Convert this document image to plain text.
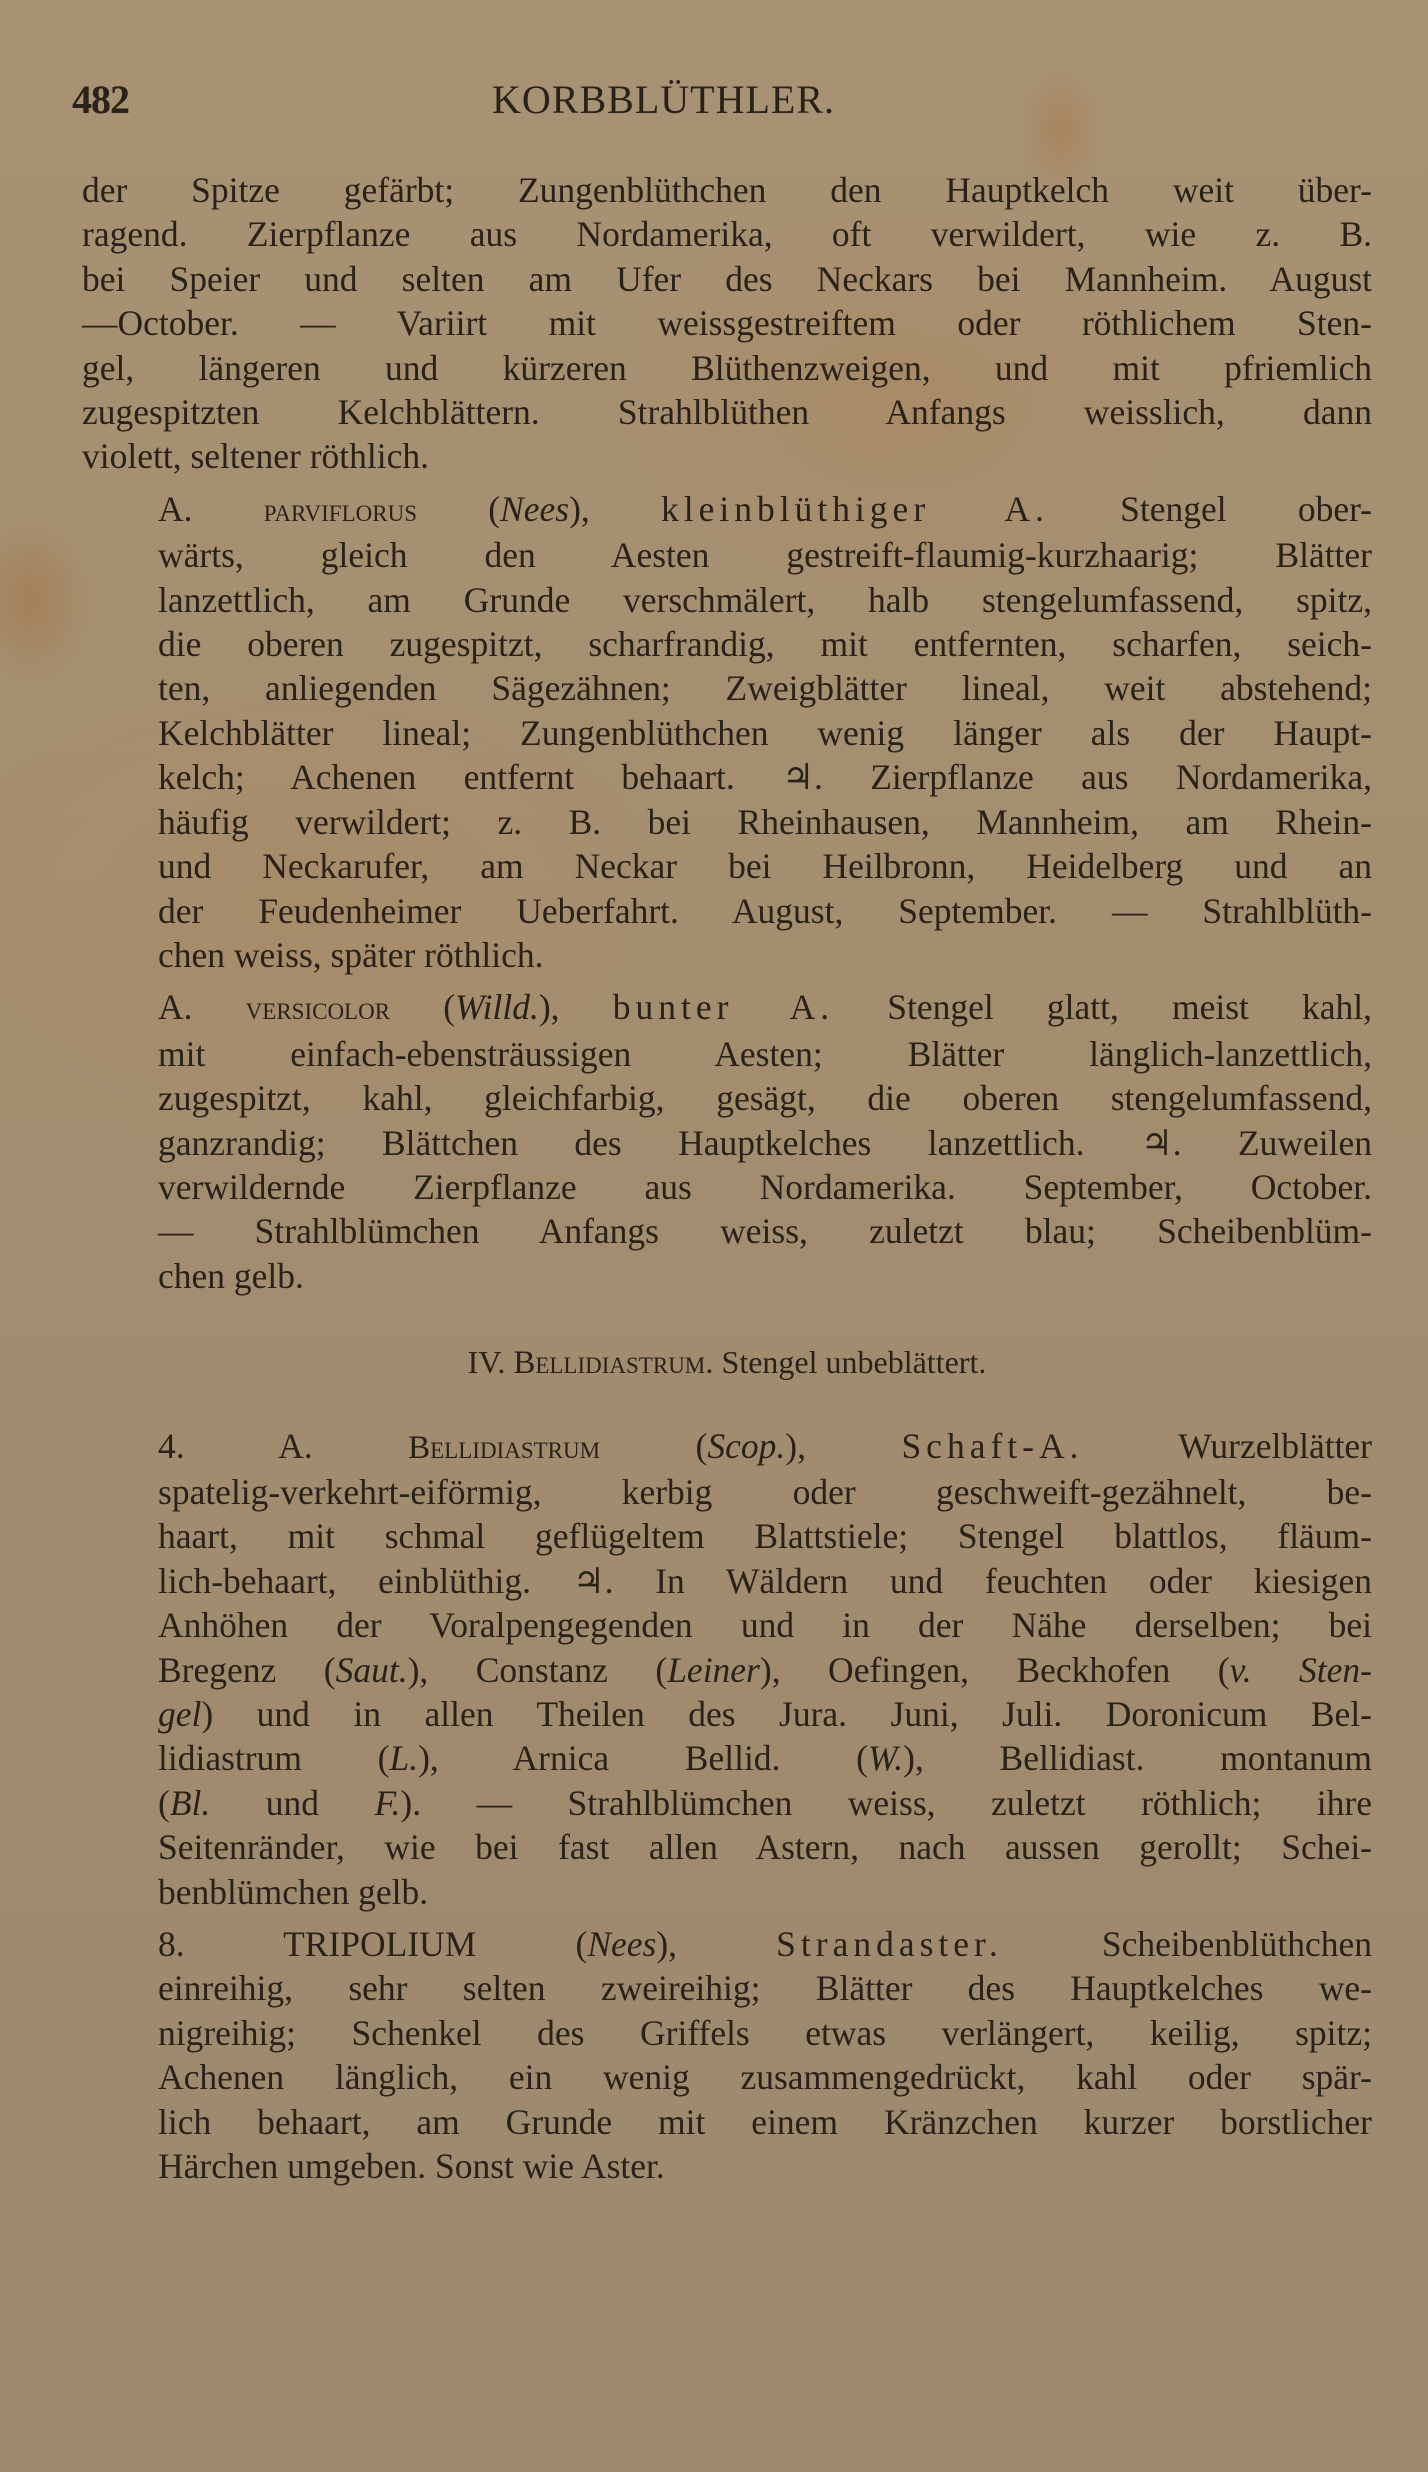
482	KORBBLÜTHLER.
der Spitze gefärbt; Zungenblüthchen den Hauptkelch weit über-
ragend. Zierpflanze aus Nordamerika, oft verwildert, wie z. B.
bei Speier und selten am Ufer des Neckars bei Mannheim. August
—October. — Variirt mit weissgestreiftem oder röthlichem Sten-
gel, längeren und kürzeren Blüthenzweigen, und mit pfriemlich
zugespitzten Kelchblättern. Strahlblüthen Anfangs weisslich, dann
violett, seltener röthlich.
A. parviflorus (Nees), kleinblüthiger A. Stengel ober-
wärts, gleich den Aesten gestreift-flaumig-kurzhaarig; Blätter
lanzettlich, am Grunde verschmälert, halb stengelumfassend, spitz,
die oberen zugespitzt, scharfrandig, mit entfernten, scharfen, seich-
ten, anliegenden Sägezähnen; Zweigblätter lineal, weit abstehend;
Kelchblätter lineal; Zungenblüthchen wenig länger als der Haupt-
kelch; Achenen entfernt behaart. ♃. Zierpflanze aus Nordamerika,
häufig verwildert; z. B. bei Rheinhausen, Mannheim, am Rhein-
und Neckarufer, am Neckar bei Heilbronn, Heidelberg und an
der Feudenheimer Ueberfahrt. August, September. — Strahlblüth-
chen weiss, später röthlich.
A. versicolor (Willd.), bunter A. Stengel glatt, meist kahl,
mit einfach-ebensträussigen Aesten; Blätter länglich-lanzettlich,
zugespitzt, kahl, gleichfarbig, gesägt, die oberen stengelumfassend,
ganzrandig; Blättchen des Hauptkelches lanzettlich. ♃. Zuweilen
verwildernde Zierpflanze aus Nordamerika. September, October.
— Strahlblümchen Anfangs weiss, zuletzt blau; Scheibenblüm-
chen gelb.
IV. Bellidiastrum. Stengel unbeblättert.
4.	A.	Bellidiastrum (Scop.), Schaft-A.	Wurzelblätter
spatelig-verkehrt-eiförmig, kerbig oder geschweift-gezähnelt, be-
haart, mit schmal geflügeltem Blattstiele; Stengel blattlos, fläum-
lich-behaart, einblüthig. ♃. In Wäldern und feuchten oder kiesigen
Anhöhen der Voralpengegenden und in der Nähe derselben; bei
Bregenz (Saut.), Constanz (Leiner), Oefingen, Beckhofen (v. Sten-
gel) und in allen Theilen des Jura. Juni, Juli. Doronicum Bel-
lidiastrum (L.), Arnica Bellid. (W.), Bellidiast. montanum
(Bl. und F.). — Strahlblümchen weiss, zuletzt röthlich; ihre
Seitenränder, wie bei fast allen Astern, nach aussen gerollt; Schei-
benblümchen gelb.
8.	TRIPOLIUM (Nees), Strandaster.	Scheibenblüthchen
einreihig, sehr selten zweireihig; Blätter des Hauptkelches we-
nigreihig; Schenkel des Griffels etwas verlängert, keilig, spitz;
Achenen länglich, ein wenig zusammengedrückt, kahl oder spär-
lich behaart, am Grunde mit einem Kränzchen kurzer borstlicher
Härchen umgeben. Sonst wie Aster.
